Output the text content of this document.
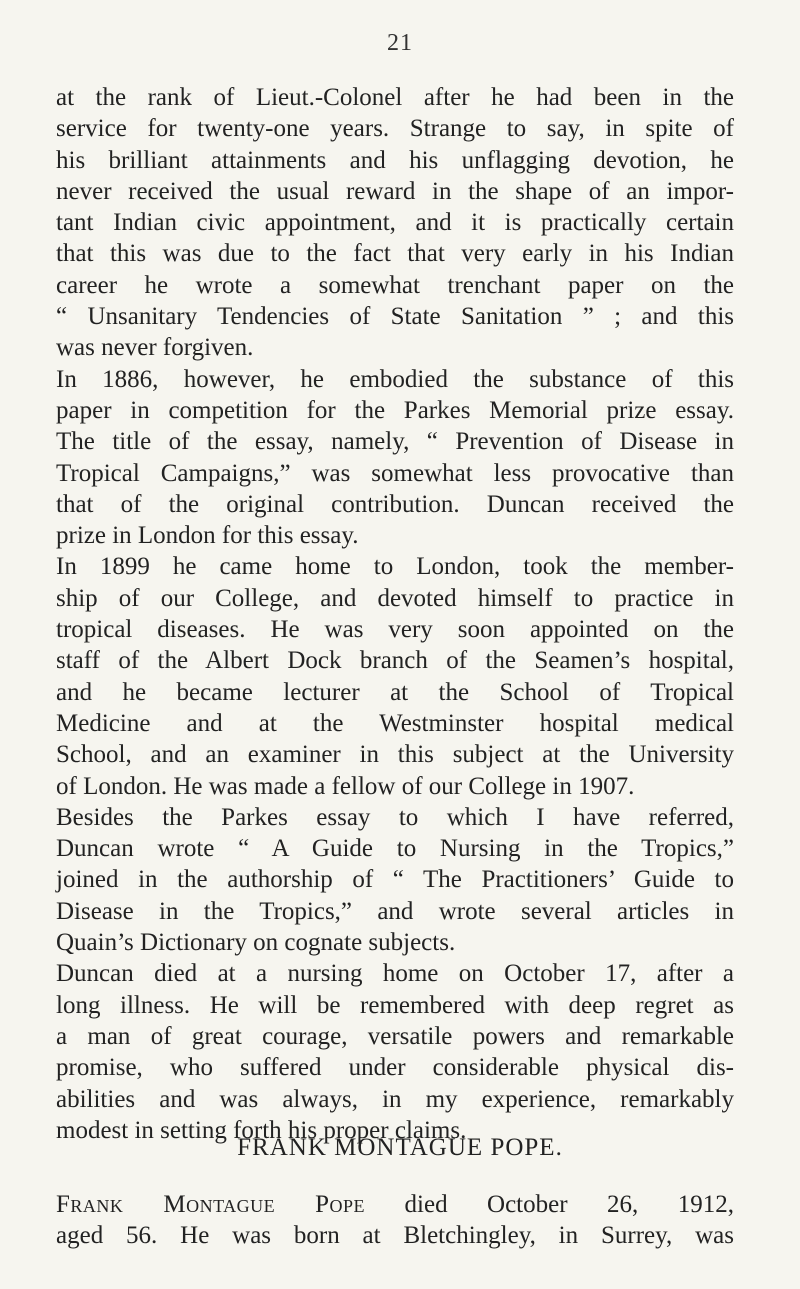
21
at the rank of Lieut.-Colonel after he had been in the
service for twenty-one years. Strange to say, in spite of
his brilliant attainments and his unflagging devotion, he
never received the usual reward in the shape of an impor-
tant Indian civic appointment, and it is practically certain
that this was due to the fact that very early in his Indian
career he wrote a somewhat trenchant paper on the
“ Unsanitary Tendencies of State Sanitation ” ; and this
was never forgiven.
In 1886, however, he embodied the substance of this
paper in competition for the Parkes Memorial prize essay.
The title of the essay, namely, “ Prevention of Disease in
Tropical Campaigns,” was somewhat less provocative than
that of the original contribution. Duncan received the
prize in London for this essay.
In 1899 he came home to London, took the member-
ship of our College, and devoted himself to practice in
tropical diseases. He was very soon appointed on the
staff of the Albert Dock branch of the Seamen’s hospital,
and he became lecturer at the School of Tropical
Medicine and at the Westminster hospital medical
School, and an examiner in this subject at the University
of London. He was made a fellow of our College in 1907.
Besides the Parkes essay to which I have referred,
Duncan wrote “ A Guide to Nursing in the Tropics,”
joined in the authorship of “ The Practitioners’ Guide to
Disease in the Tropics,” and wrote several articles in
Quain’s Dictionary on cognate subjects.
Duncan died at a nursing home on October 17, after a
long illness. He will be remembered with deep regret as
a man of great courage, versatile powers and remarkable
promise, who suffered under considerable physical dis-
abilities and was always, in my experience, remarkably
modest in setting forth his proper claims.
FRANK MONTAGUE POPE.
Frank Montague Pope died October 26, 1912,
aged 56. He was born at Bletchingley, in Surrey, was
